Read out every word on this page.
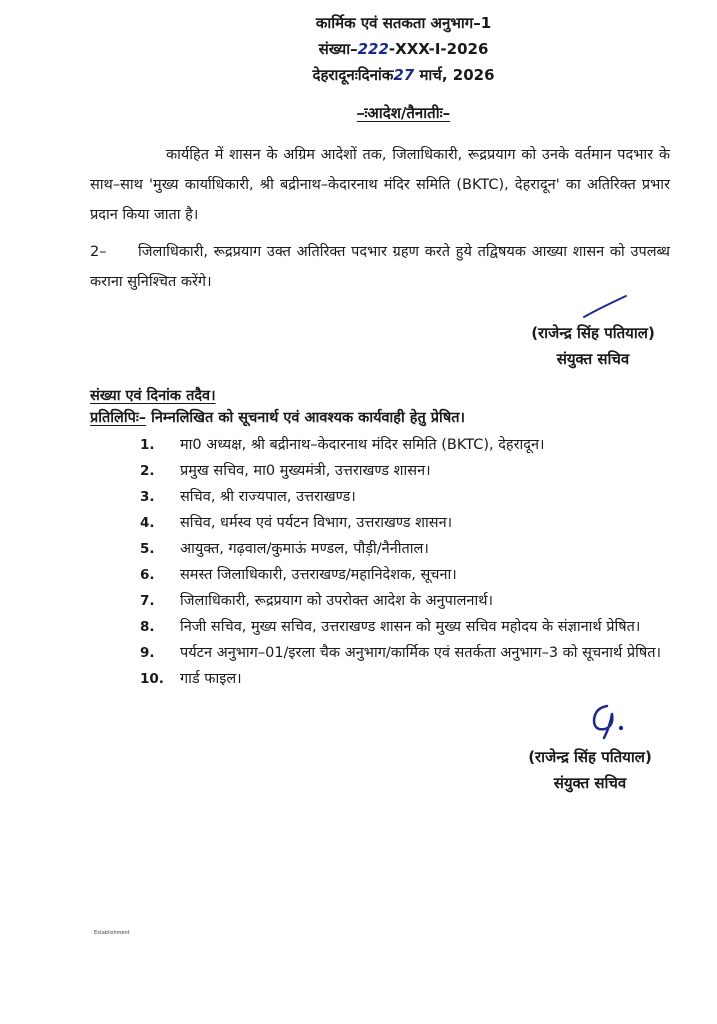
कार्मिक एवं सतकता अनुभाग–1
संख्या–222-XXX-I-2026
देहरादूनःदिनांक27 मार्च, 2026
–ःआदेश/तैनातीः–
कार्यहित में शासन के अग्रिम आदेशों तक, जिलाधिकारी, रूद्रप्रयाग को उनके वर्तमान पदभार के साथ–साथ 'मुख्य कार्याधिकारी, श्री बद्रीनाथ–केदारनाथ मंदिर समिति (BKTC), देहरादून' का अतिरिक्त प्रभार प्रदान किया जाता है।
2– जिलाधिकारी, रूद्रप्रयाग उक्त अतिरिक्त पदभार ग्रहण करते हुये तद्विषयक आख्या शासन को उपलब्ध कराना सुनिश्चित करेंगे।
(राजेन्द्र सिंह पतियाल)
संयुक्त सचिव
संख्या एवं दिनांक तदैव।
प्रतिलिपिः– निम्नलिखित को सूचनार्थ एवं आवश्यक कार्यवाही हेतु प्रेषित।
1.	मा0 अध्यक्ष, श्री बद्रीनाथ–केदारनाथ मंदिर समिति (BKTC), देहरादून।
2.	प्रमुख सचिव, मा0 मुख्यमंत्री, उत्तराखण्ड शासन।
3.	सचिव, श्री राज्यपाल, उत्तराखण्ड।
4.	सचिव, धर्मस्व एवं पर्यटन विभाग, उत्तराखण्ड शासन।
5.	आयुक्त, गढ़वाल/कुमाऊं मण्डल, पौड़ी/नैनीताल।
6.	समस्त जिलाधिकारी, उत्तराखण्ड/महानिदेशक, सूचना।
7.	जिलाधिकारी, रूद्रप्रयाग को उपरोक्त आदेश के अनुपालनार्थ।
8.	निजी सचिव, मुख्य सचिव, उत्तराखण्ड शासन को मुख्य सचिव महोदय के संज्ञानार्थ प्रेषित।
9.	पर्यटन अनुभाग–01/इरला चैक अनुभाग/कार्मिक एवं सतर्कता अनुभाग–3 को सूचनार्थ प्रेषित।
10.	गार्ड फाइल।
(राजेन्द्र सिंह पतियाल)
संयुक्त सचिव
Establishment
